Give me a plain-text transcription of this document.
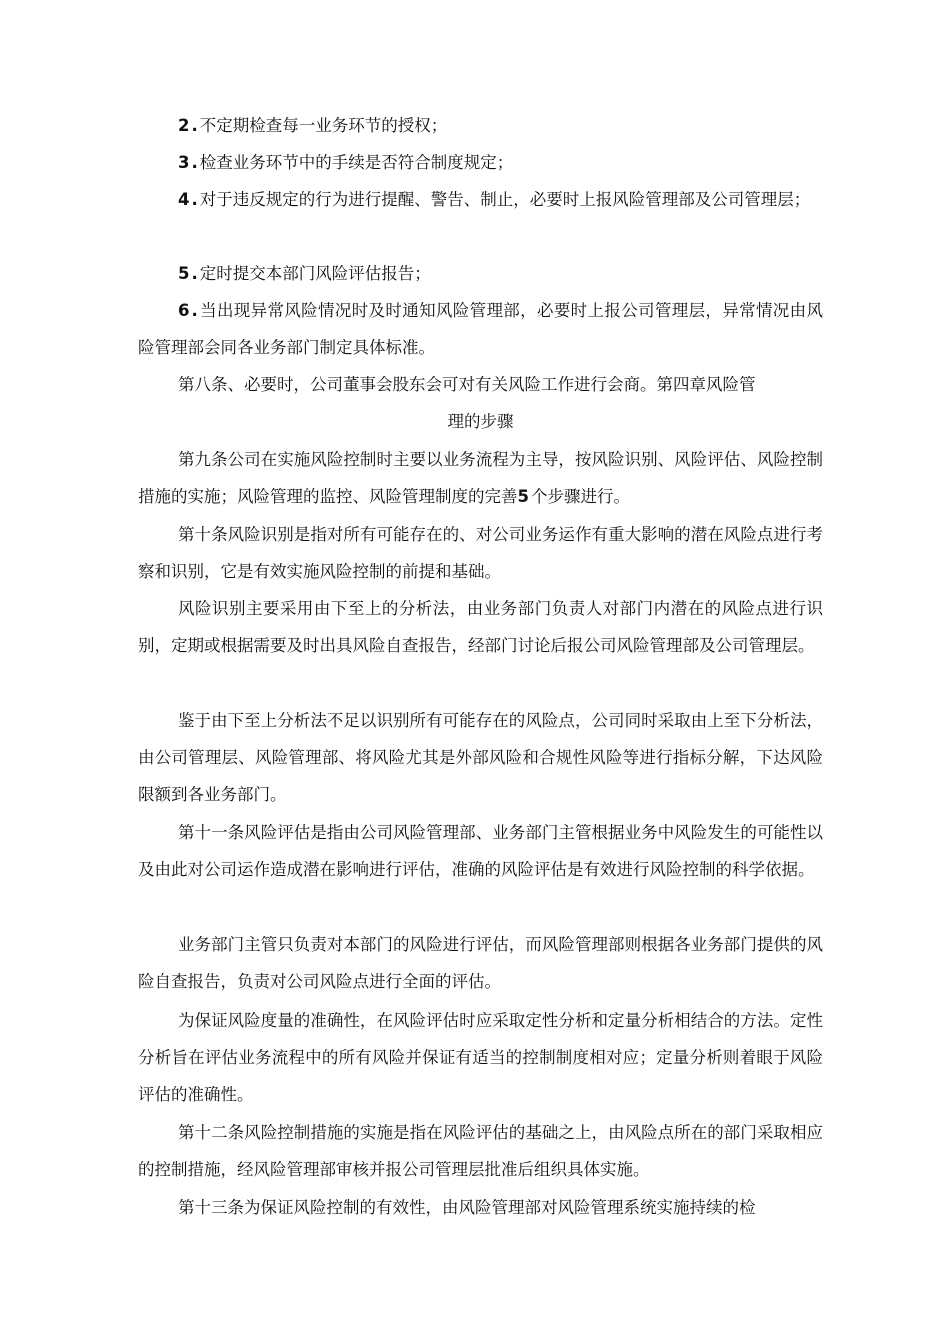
2.不定期检查每一业务环节的授权；

3.检查业务环节中的手续是否符合制度规定；

4.对于违反规定的行为进行提醒、警告、制止，必要时上报风险管理部及公司管理层；

5.定时提交本部门风险评估报告；

6.当出现异常风险情况时及时通知风险管理部，必要时上报公司管理层，异常情况由风险管理部会同各业务部门制定具体标准。

第八条、必要时，公司董事会股东会可对有关风险工作进行会商。第四章风险管

理的步骤

第九条公司在实施风险控制时主要以业务流程为主导，按风险识别、风险评估、风险控制措施的实施；风险管理的监控、风险管理制度的完善5个步骤进行。

第十条风险识别是指对所有可能存在的、对公司业务运作有重大影响的潜在风险点进行考察和识别，它是有效实施风险控制的前提和基础。

风险识别主要采用由下至上的分析法，由业务部门负责人对部门内潜在的风险点进行识别，定期或根据需要及时出具风险自查报告，经部门讨论后报公司风险管理部及公司管理层。

鉴于由下至上分析法不足以识别所有可能存在的风险点，公司同时采取由上至下分析法，由公司管理层、风险管理部、将风险尤其是外部风险和合规性风险等进行指标分解，下达风险限额到各业务部门。

第十一条风险评估是指由公司风险管理部、业务部门主管根据业务中风险发生的可能性以及由此对公司运作造成潜在影响进行评估，准确的风险评估是有效进行风险控制的科学依据。

业务部门主管只负责对本部门的风险进行评估，而风险管理部则根据各业务部门提供的风险自查报告，负责对公司风险点进行全面的评估。

为保证风险度量的准确性，在风险评估时应采取定性分析和定量分析相结合的方法。定性分析旨在评估业务流程中的所有风险并保证有适当的控制制度相对应；定量分析则着眼于风险评估的准确性。

第十二条风险控制措施的实施是指在风险评估的基础之上，由风险点所在的部门采取相应的控制措施，经风险管理部审核并报公司管理层批准后组织具体实施。

第十三条为保证风险控制的有效性，由风险管理部对风险管理系统实施持续的检
